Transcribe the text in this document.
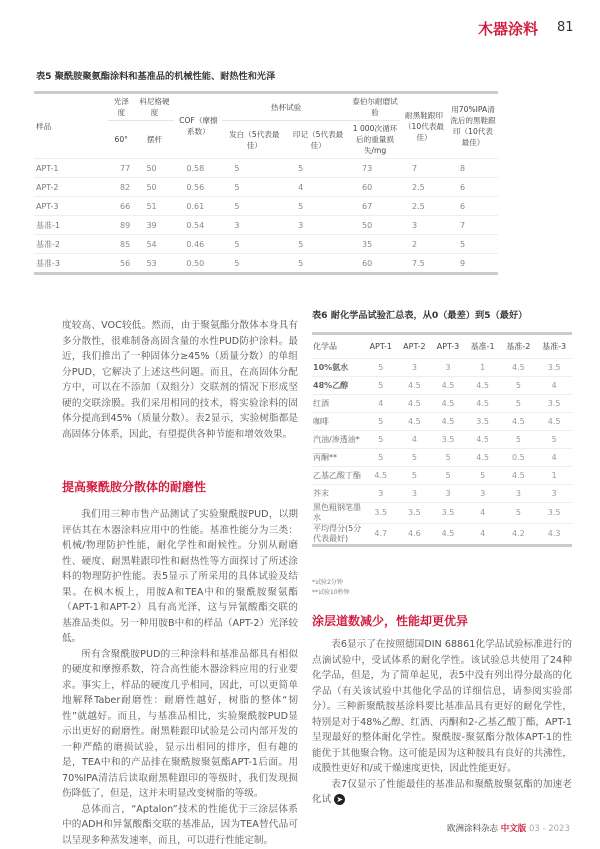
木器涂料 81
表5 聚酰胺聚氨酯涂料和基准品的机械性能、耐热性和光泽
样品	光泽度	科尼格硬度	COF（摩擦系数）	热杯试验		泰伯尔耐磨试验	耐黑鞋跟印（10代表最佳）	用70%IPA清洗后的黑鞋跟印（10代表最佳）
	60°	摆杆		发白（5代表最佳）	印记（5代表最佳）	1 000次循环后的重量损失/mg		
APT-1	77	50	0.58	5	5	73	7	8
APT-2	82	50	0.56	5	4	60	2.5	6
APT-3	66	51	0.61	5	5	67	2.5	6
基准-1	89	39	0.54	3	3	50	3	7
基准-2	85	54	0.46	5	5	35	2	5
基准-3	56	53	0.50	5	5	60	7.5	9
表6 耐化学品试验汇总表，从0（最差）到5（最好）
化学品	APT-1	APT-2	APT-3	基准-1	基准-2	基准-3
10%氨水	5	3	3	1	4.5	3.5
48%乙醇	5	4.5	4.5	4.5	5	4
红酒	4	4.5	4.5	4.5	5	3.5
咖啡	5	4.5	4.5	3.5	4.5	4.5
汽油/渗透油*	5	4	3.5	4.5	5	5
丙酮**	5	5	5	4.5	0.5	4
乙基乙酸丁酯	4.5	5	5	5	4.5	1
芥末	3	3	3	3	3	3
黑色粗钢笔墨水	3.5	3.5	3.5	4	5	3.5
平均得分(5分代表最好)	4.7	4.6	4.5	4	4.2	4.3
*试验2分钟
**试验10秒钟

度较高、VOC较低。然而，由于聚氨酯分散体本身具有多分散性，很难制备高固含量的水性PUD防护涂料。最近，我们推出了一种固体分≥45%（质量分数）的单组分PUD，它解决了上述这些问题。而且，在高固体分配方中，可以在不添加（双组分）交联剂的情况下形成坚硬的交联涂膜。我们采用相同的技术，将实验涂料的固体分提高到45%（质量分数）。表2显示，实验树脂都是高固体分体系，因此，有望提供各种节能和增效效果。

提高聚酰胺分散体的耐磨性

我们用三种市售产品测试了实验聚酰胺PUD，以期评估其在木器涂料应用中的性能。基准性能分为三类：机械/物理防护性能，耐化学性和耐候性。分别从耐磨性、硬度、耐黑鞋跟印性和耐热性等方面探讨了所述涂料的物理防护性能。表5显示了所采用的具体试验及结果。在枫木板上，用胺A和TEA中和的聚酰胺聚氨酯（APT-1和APT-2）具有高光泽，这与异氰酸酯交联的基准品类似。另一种用胺B中和的样品（APT-2）光泽较低。

所有含聚酰胺PUD的三种涂料和基准品都具有相似的硬度和摩擦系数，符合高性能木器涂料应用的行业要求。事实上，样品的硬度几乎相同，因此，可以更简单地解释Taber耐磨性：耐磨性越好，树脂的整体“韧性”就越好。而且，与基准品相比，实验聚酰胺PUD显示出更好的耐磨性。耐黑鞋跟印试验是公司内部开发的一种严酷的磨损试验，显示出相同的排序，但有趣的是，TEA中和的产品排在聚酰胺聚氨酯APT-1后面。用70%IPA清洁后读取耐黑鞋跟印的等级时，我们发现损伤降低了，但是，这并未明显改变树脂的等级。

总体而言，“Aptalon”技术的性能优于三涂层体系中的ADH和异氰酸酯交联的基准品，因为TEA替代品可以呈现多种蒸发速率，而且，可以进行性能定制。

涂层道数减少，性能却更优异

表6显示了在按照德国DIN 68861化学品试验标准进行的点滴试验中，受试体系的耐化学性。该试验总共使用了24种化学品，但是，为了简单起见，表5中没有列出得分最高的化学品（有关该试验中其他化学品的详细信息，请参阅实验部分）。三种新聚酰胺基涂料要比基准品具有更好的耐化学性，特别是对于48%乙醇、红酒、丙酮和2-乙基乙酸丁酯，APT-1呈现最好的整体耐化学性。聚酰胺-聚氨酯分散体APT-1的性能优于其他聚合物。这可能是因为这种胺具有良好的共沸性，成膜性更好和/或干燥速度更快，因此性能更好。

表7仅显示了性能最佳的基准品和聚酰胺聚氨酯的加速老化试 ➤

欧洲涂料杂志 中文版 03 - 2023
